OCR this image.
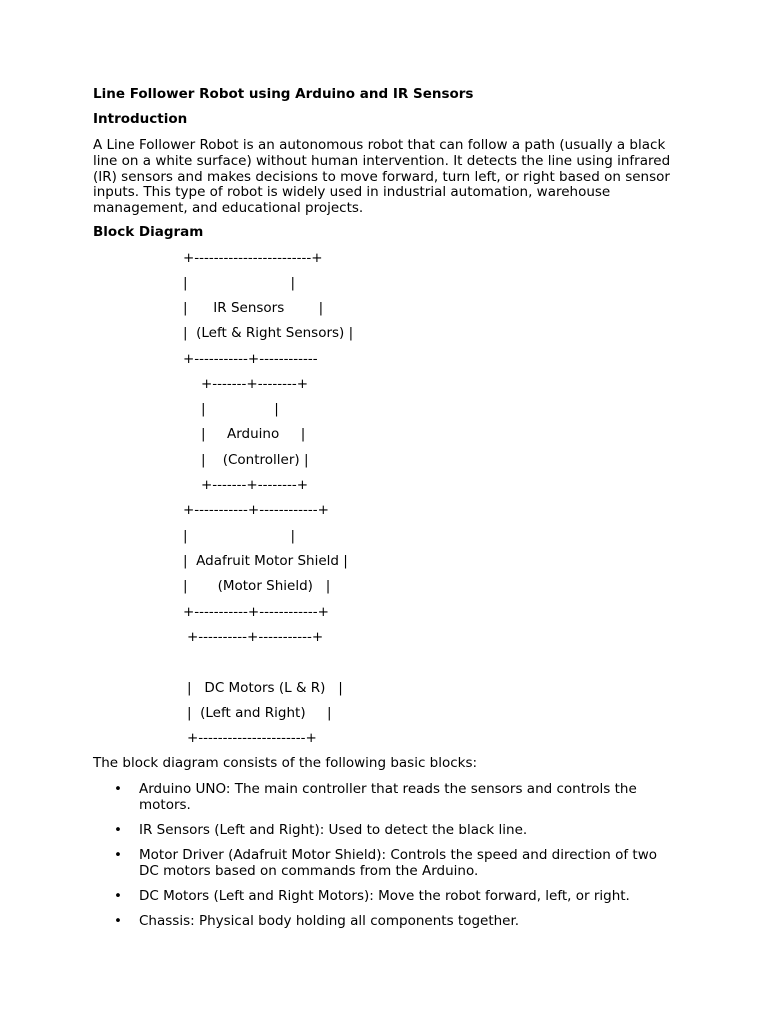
Line Follower Robot using Arduino and IR Sensors
Introduction
A Line Follower Robot is an autonomous robot that can follow a path (usually a black line on a white surface) without human intervention. It detects the line using infrared (IR) sensors and makes decisions to move forward, turn left, or right based on sensor inputs. This type of robot is widely used in industrial automation, warehouse management, and educational projects.
Block Diagram
+------------------------+
|                        |
|      IR Sensors        |
|  (Left & Right Sensors) |
+-----------+------------
+-------+--------+
|                |
|     Arduino     |
|    (Controller) |
+-------+--------+
+-----------+------------+
|                        |
|  Adafruit Motor Shield |
|       (Motor Shield)   |
+-----------+------------+
+----------+-----------+
|   DC Motors (L & R)   |
|  (Left and Right)     |
+----------------------+
The block diagram consists of the following basic blocks:
• Arduino UNO: The main controller that reads the sensors and controls the motors.
• IR Sensors (Left and Right): Used to detect the black line.
• Motor Driver (Adafruit Motor Shield): Controls the speed and direction of two DC motors based on commands from the Arduino.
• DC Motors (Left and Right Motors): Move the robot forward, left, or right.
• Chassis: Physical body holding all components together.
